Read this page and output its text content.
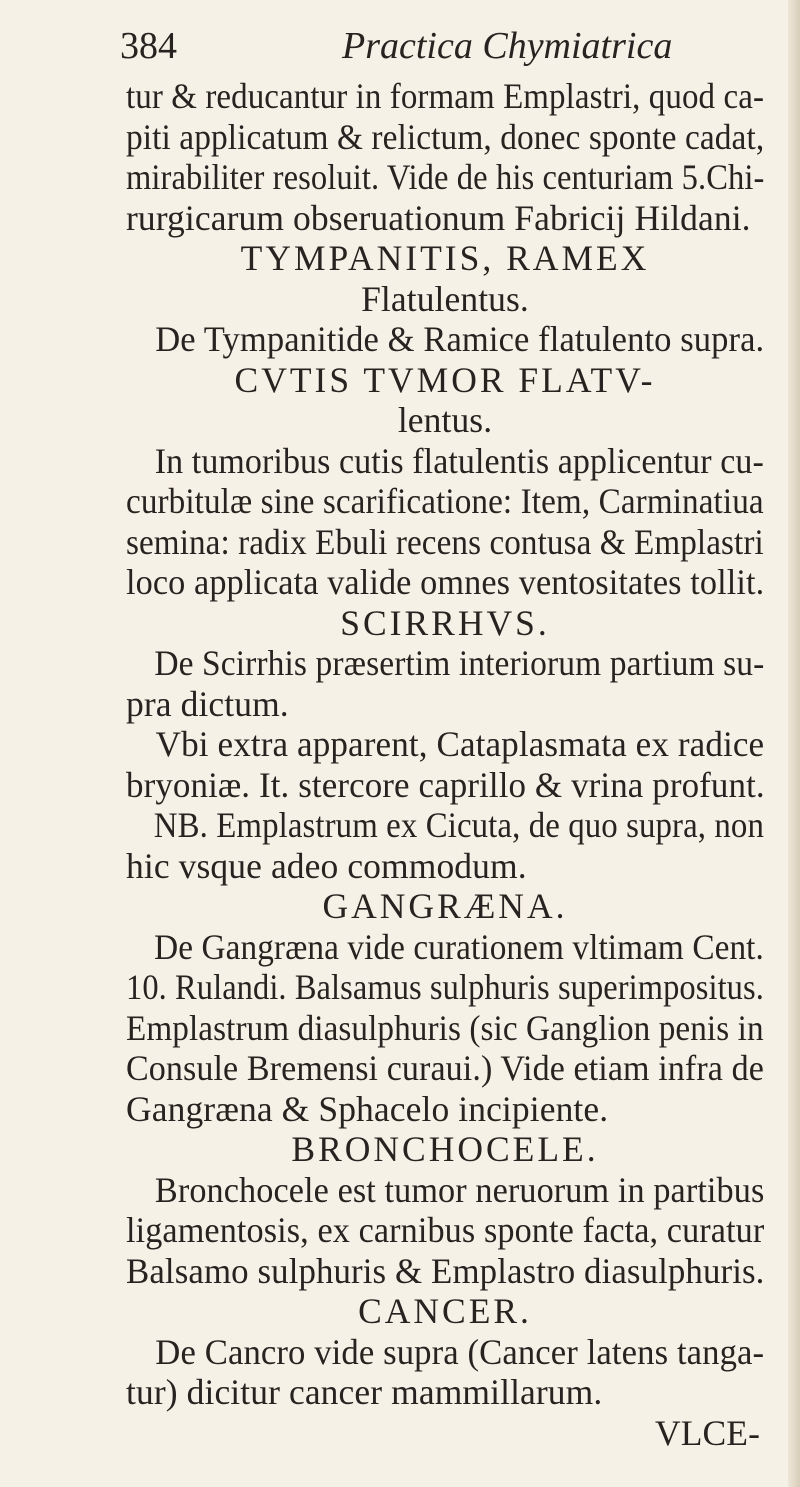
384	Practica Chymiatrica
tur & reducantur in formam Emplastri, quod ca-
piti applicatum & relictum, donec sponte cadat,
mirabiliter resoluit. Vide de his centuriam 5.Chi-
rurgicarum obseruationum Fabricij Hildani.
TYMPANITIS, RAMEX
Flatulentus.
De Tympanitide & Ramice flatulento supra.
CVTIS TVMOR FLATV-
lentus.
In tumoribus cutis flatulentis applicentur cu-
curbitulæ sine scarificatione: Item, Carminatiua
semina: radix Ebuli recens contusa & Emplastri
loco applicata valide omnes ventositates tollit.
SCIRRHVS.
De Scirrhis præsertim interiorum partium su-
pra dictum.
Vbi extra apparent, Cataplasmata ex radice
bryoniæ. It. stercore caprillo & vrina profunt.
NB. Emplastrum ex Cicuta, de quo supra, non
hic vsque adeo commodum.
GANGRÆNA.
De Gangræna vide curationem vltimam Cent.
10. Rulandi. Balsamus sulphuris superimpositus.
Emplastrum diasulphuris (sic Ganglion penis in
Consule Bremensi curaui.) Vide etiam infra de
Gangræna & Sphacelo incipiente.
BRONCHOCELE.
Bronchocele est tumor neruorum in partibus
ligamentosis, ex carnibus sponte facta, curatur
Balsamo sulphuris & Emplastro diasulphuris.
CANCER.
De Cancro vide supra (Cancer latens tanga-
tur) dicitur cancer mammillarum.
VLCE-
